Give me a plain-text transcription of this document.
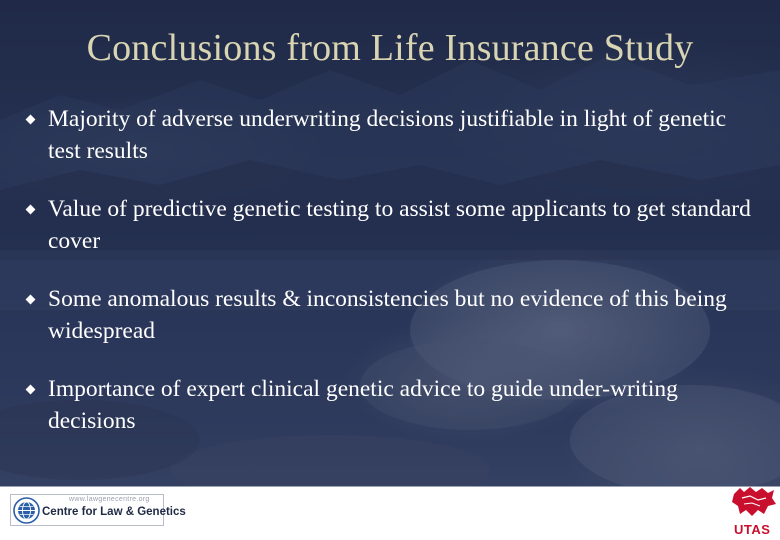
Conclusions from Life Insurance Study
Majority of adverse underwriting decisions justifiable in light of genetic test results
Value of predictive genetic testing to assist some applicants to get standard cover
Some anomalous results & inconsistencies but no evidence of this being widespread
Importance of expert clinical genetic advice to guide under-writing decisions
www.lawgenecentre.org
Centre for Law & Genetics
UTAS
